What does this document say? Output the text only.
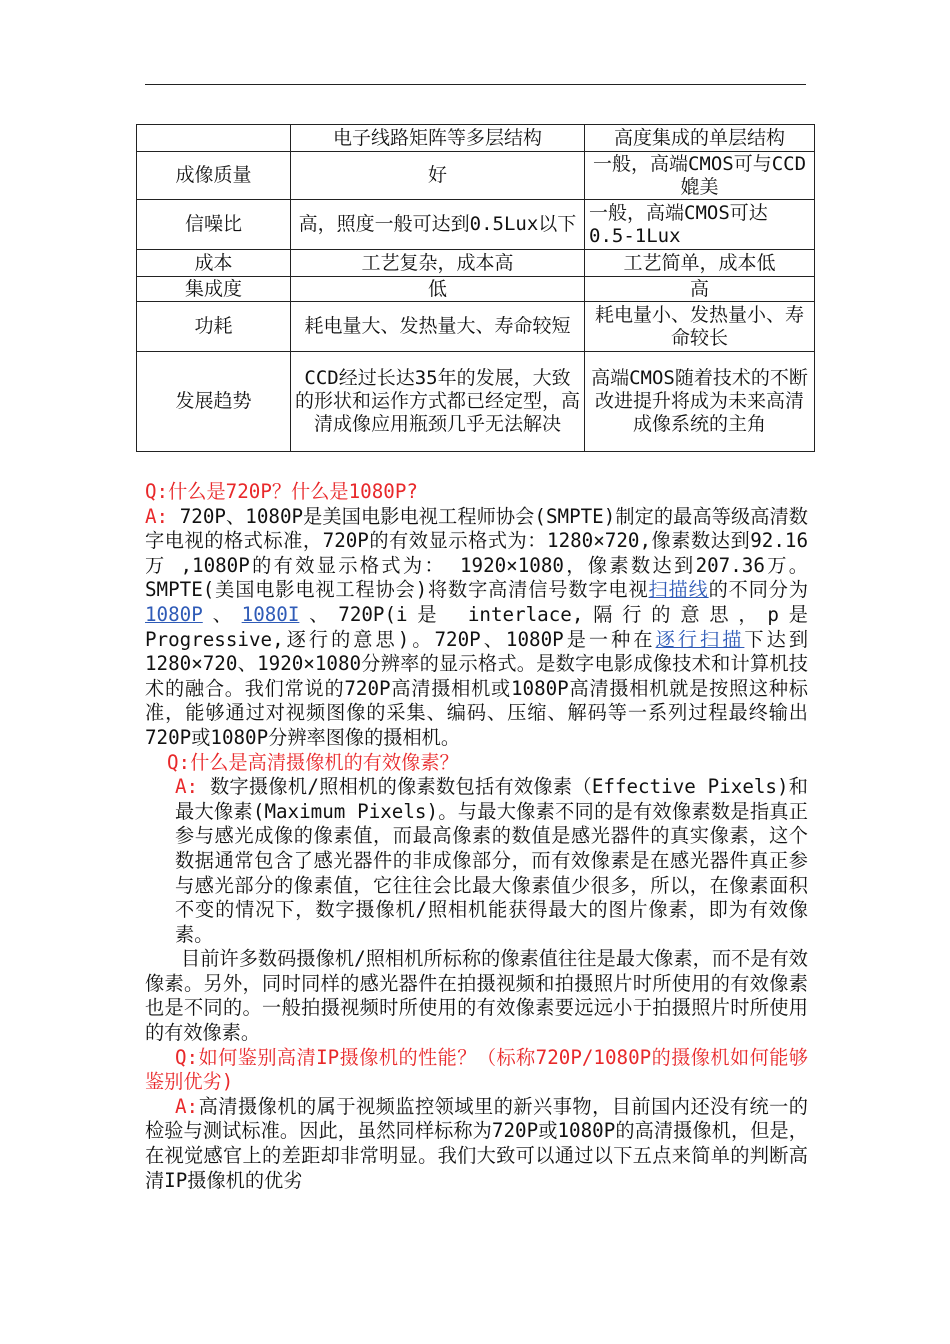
	电子线路矩阵等多层结构	高度集成的单层结构
成像质量	好	一般，高端CMOS可与CCD媲美
信噪比	高，照度一般可达到0.5Lux以下	一般，高端CMOS可达0.5-1Lux
成本	工艺复杂，成本高	工艺简单，成本低
集成度	低	高
功耗	耗电量大、发热量大、寿命较短	耗电量小、发热量小、寿命较长
发展趋势	CCD经过长达35年的发展，大致的形状和运作方式都已经定型，高清成像应用瓶颈几乎无法解决	高端CMOS随着技术的不断改进提升将成为未来高清成像系统的主角

Q:什么是720P？什么是1080P?

A: 720P、1080P是美国电影电视工程师协会(SMPTE)制定的最高等级高清数字电视的格式标准，720P的有效显示格式为：1280×720,像素数达到92.16万 ,1080P的有效显示格式为： 1920×1080，像素数达到207.36万。SMPTE(美国电影电视工程协会)将数字高清信号数字电视扫描线的不同分为1080P、1080I、720P(i是 interlace,隔行的意思，p是 Progressive,逐行的意思)。720P、1080P是一种在逐行扫描下达到1280×720、1920×1080分辨率的显示格式。是数字电影成像技术和计算机技术的融合。我们常说的720P高清摄相机或1080P高清摄相机就是按照这种标准，能够通过对视频图像的采集、编码、压缩、解码等一系列过程最终输出720P或1080P分辨率图像的摄相机。

Q:什么是高清摄像机的有效像素？

A: 数字摄像机/照相机的像素数包括有效像素（Effective Pixels)和最大像素(Maximum Pixels)。与最大像素不同的是有效像素数是指真正参与感光成像的像素值，而最高像素的数值是感光器件的真实像素，这个数据通常包含了感光器件的非成像部分，而有效像素是在感光器件真正参与感光部分的像素值，它往往会比最大像素值少很多，所以，在像素面积不变的情况下，数字摄像机/照相机能获得最大的图片像素，即为有效像素。

目前许多数码摄像机/照相机所标称的像素值往往是最大像素，而不是有效像素。另外，同时同样的感光器件在拍摄视频和拍摄照片时所使用的有效像素也是不同的。一般拍摄视频时所使用的有效像素要远远小于拍摄照片时所使用的有效像素。

Q:如何鉴别高清IP摄像机的性能？（标称720P/1080P的摄像机如何能够鉴别优劣)

A:高清摄像机的属于视频监控领域里的新兴事物，目前国内还没有统一的检验与测试标准。因此，虽然同样标称为720P或1080P的高清摄像机，但是，在视觉感官上的差距却非常明显。我们大致可以通过以下五点来简单的判断高清IP摄像机的优劣
